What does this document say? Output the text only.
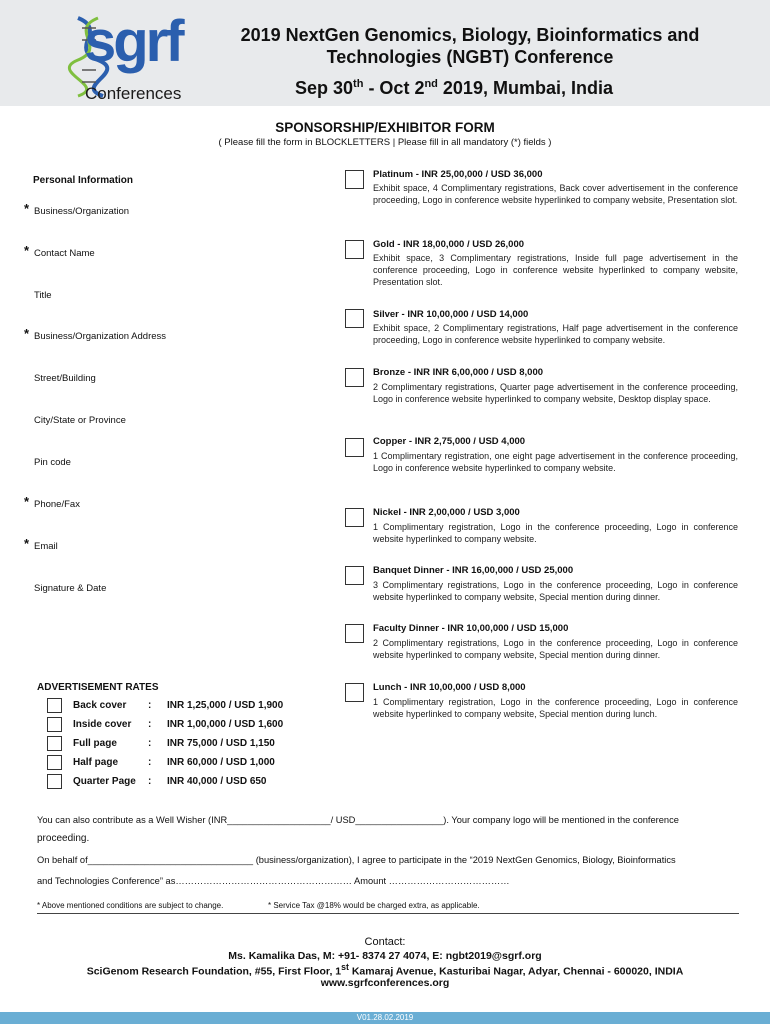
sgrf
Conferences
2019 NextGen Genomics, Biology, Bioinformatics and Technologies (NGBT) Conference
Sep 30th - Oct 2nd 2019, Mumbai, India
SPONSORSHIP/EXHIBITOR FORM
( Please fill the form in BLOCKLETTERS | Please fill in all mandatory (*) fields )
Personal Information
* Business/Organization
* Contact Name
Title
* Business/Organization Address
Street/Building
City/State or Province
Pin code
* Phone/Fax
* Email
Signature & Date
Platinum - INR 25,00,000 / USD 36,000
Exhibit space, 4 Complimentary registrations, Back cover advertisement in the conference proceeding, Logo in conference website hyperlinked to company website, Presentation slot.
Gold - INR 18,00,000 / USD 26,000
Exhibit space, 3 Complimentary registrations, Inside full page advertisement in the conference proceeding, Logo in conference website hyperlinked to company website, Presentation slot.
Silver - INR 10,00,000 / USD 14,000
Exhibit space, 2 Complimentary registrations, Half page advertisement in the conference proceeding, Logo in conference website hyperlinked to company website.
Bronze - INR INR 6,00,000 / USD 8,000
2 Complimentary registrations, Quarter page advertisement in the conference proceeding, Logo in conference website hyperlinked to company website, Desktop display space.
Copper - INR 2,75,000 / USD 4,000
1 Complimentary registration, one eight page advertisement in the conference proceeding, Logo in conference website hyperlinked to company website.
Nickel - INR 2,00,000 / USD 3,000
1 Complimentary registration, Logo in the conference proceeding, Logo in conference website hyperlinked to company website.
Banquet Dinner - INR 16,00,000 / USD 25,000
3 Complimentary registrations, Logo in the conference proceeding, Logo in conference website hyperlinked to company website, Special mention during dinner.
Faculty Dinner - INR 10,00,000 / USD 15,000
2 Complimentary registrations, Logo in the conference proceeding, Logo in conference website hyperlinked to company website, Special mention during dinner.
Lunch - INR 10,00,000 / USD 8,000
1 Complimentary registration, Logo in the conference proceeding, Logo in conference website hyperlinked to company website, Special mention during lunch.
ADVERTISEMENT RATES
Back cover : INR 1,25,000 / USD 1,900
Inside cover : INR 1,00,000 / USD 1,600
Full page	: INR 75,000 / USD 1,150
Half page	: INR 60,000 / USD 1,000
Quarter Page : INR 40,000 / USD 650
You can also contribute as a Well Wisher (INR____________________/ USD_________________). Your company logo will be mentioned in the conference
proceeding.
On behalf of________________________________ (business/organization), I agree to participate in the “2019 NextGen Genomics, Biology, Bioinformatics
and Technologies Conference” as………………………………………………… Amount …………………………………
* Above mentioned conditions are subject to change.	* Service Tax @18% would be charged extra, as applicable.
Contact:
Ms. Kamalika Das, M: +91- 8374 27 4074, E: ngbt2019@sgrf.org
SciGenom Research Foundation, #55, First Floor, 1st Kamaraj Avenue, Kasturibai Nagar, Adyar, Chennai - 600020, INDIA
www.sgrfconferences.org
V01.28.02.2019
